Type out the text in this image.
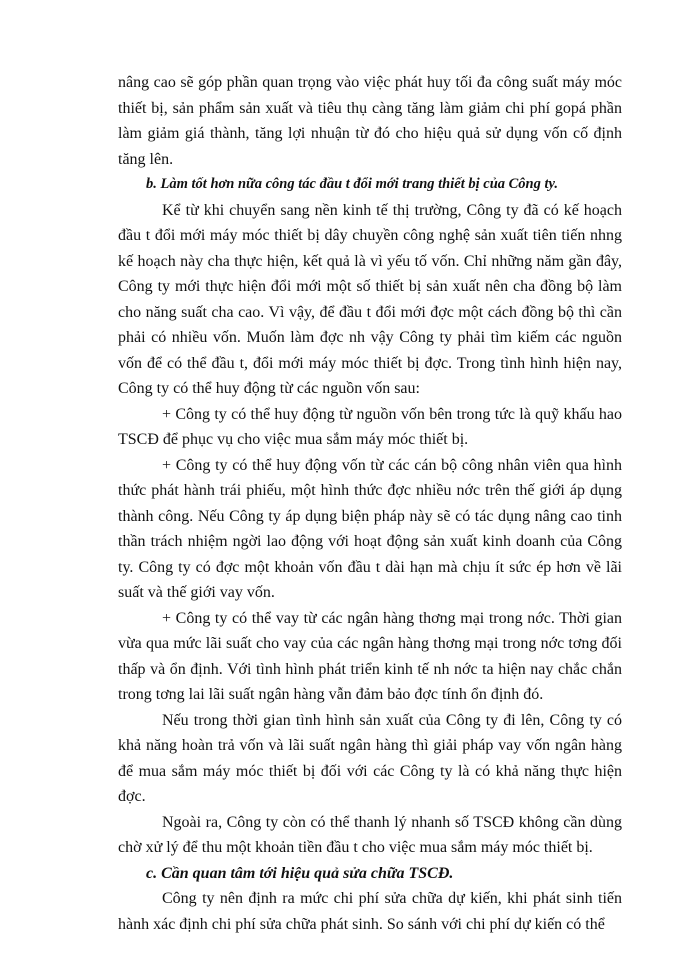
nâng cao sẽ góp phần quan trọng vào việc phát huy tối đa công suất máy móc thiết bị, sản phẩm sản xuất và tiêu thụ càng tăng làm giảm chi phí gopá phần làm giảm giá thành, tăng lợi nhuận từ đó cho hiệu quả sử dụng vốn cố định tăng lên.

b. Làm tốt hơn nữa công tác đầu t đổi mới trang thiết bị của Công ty.

Kể từ khi chuyển sang nền kinh tế thị trường, Công ty đã có kế hoạch đầu t đổi mới máy móc thiết bị dây chuyền công nghệ sản xuất tiên tiến nhng kế hoạch này cha thực hiện, kết quả là vì yếu tố vốn. Chỉ những năm gần đây, Công ty mới thực hiện đổi mới một số thiết bị sản xuất nên cha đồng bộ làm cho năng suất cha cao. Vì vậy, để đầu t đổi mới đợc một cách đồng bộ thì cần phải có nhiều vốn. Muốn làm đợc nh vậy Công ty phải tìm kiếm các nguồn vốn để có thể đầu t, đổi mới máy móc thiết bị đợc. Trong tình hình hiện nay, Công ty có thể huy động từ các nguồn vốn sau:

+ Công ty có thể huy động từ nguồn vốn bên trong tức là quỹ khấu hao TSCĐ để phục vụ cho việc mua sắm máy móc thiết bị.

+ Công ty có thể huy động vốn từ các cán bộ công nhân viên qua hình thức phát hành trái phiếu, một hình thức đợc nhiều nớc trên thế giới áp dụng thành công. Nếu Công ty áp dụng biện pháp này sẽ có tác dụng nâng cao tinh thần trách nhiệm ngời lao động với hoạt động sản xuất kinh doanh của Công ty. Công ty có đợc một khoản vốn đầu t dài hạn mà chịu ít sức ép hơn về lãi suất và thế giới vay vốn.

+ Công ty có thể vay từ các ngân hàng thơng mại trong nớc. Thời gian vừa qua mức lãi suất cho vay của các ngân hàng thơng mại trong nớc tơng đối thấp và ổn định. Với tình hình phát triển kinh tế nh nớc ta hiện nay chắc chắn trong tơng lai lãi suất ngân hàng vẫn đảm bảo đợc tính ổn định đó.

Nếu trong thời gian tình hình sản xuất của Công ty đi lên, Công ty có khả năng hoàn trả vốn và lãi suất ngân hàng thì giải pháp vay vốn ngân hàng để mua sắm máy móc thiết bị đối với các Công ty là có khả năng thực hiện đợc.

Ngoài ra, Công ty còn có thể thanh lý nhanh số TSCĐ không cần dùng chờ xử lý để thu một khoản tiền đầu t cho việc mua sắm máy móc thiết bị.

c. Cần quan tâm tới hiệu quả sửa chữa TSCĐ.

Công ty nên định ra mức chi phí sửa chữa dự kiến, khi phát sinh tiến hành xác định chi phí sửa chữa phát sinh. So sánh với chi phí dự kiến có thể
